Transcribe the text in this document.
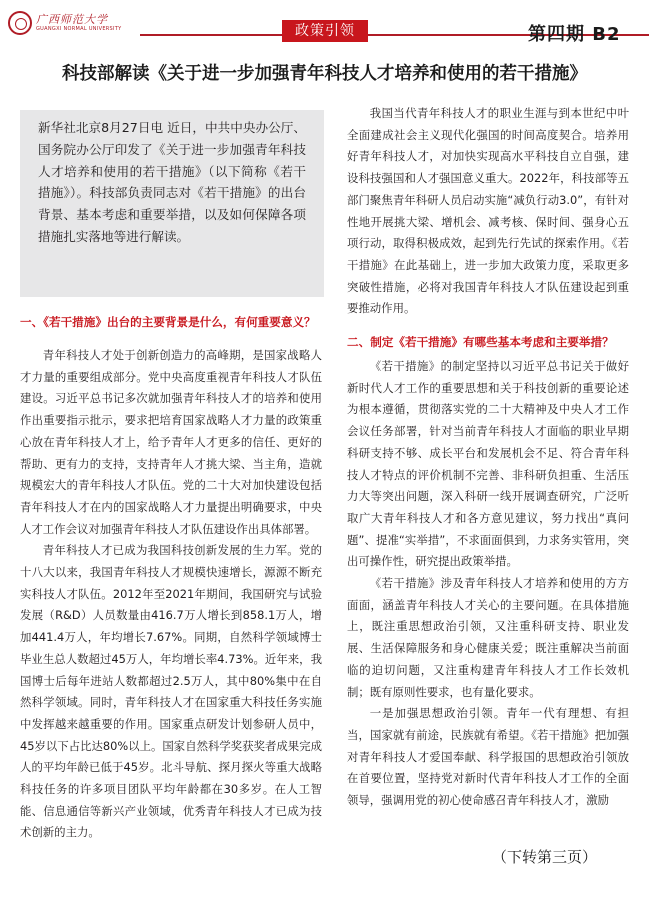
广西师范大学
GUANGXI NORMAL UNIVERSITY	政策引领	第四期 B2
科技部解读《关于进一步加强青年科技人才培养和使用的若干措施》
新华社北京8月27日电 近日，中共中央办公厅、国务院办公厅印发了《关于进一步加强青年科技人才培养和使用的若干措施》（以下简称《若干措施》）。科技部负责同志对《若干措施》的出台背景、基本考虑和重要举措，以及如何保障各项措施扎实落地等进行解读。
一、《若干措施》出台的主要背景是什么，有何重要意义？

青年科技人才处于创新创造力的高峰期，是国家战略人才力量的重要组成部分。党中央高度重视青年科技人才队伍建设。习近平总书记多次就加强青年科技人才的培养和使用作出重要指示批示，要求把培育国家战略人才力量的政策重心放在青年科技人才上，给予青年人才更多的信任、更好的帮助、更有力的支持，支持青年人才挑大梁、当主角，造就规模宏大的青年科技人才队伍。党的二十大对加快建设包括青年科技人才在内的国家战略人才力量提出明确要求，中央人才工作会议对加强青年科技人才队伍建设作出具体部署。

青年科技人才已成为我国科技创新发展的生力军。党的十八大以来，我国青年科技人才规模快速增长，源源不断充实科技人才队伍。2012年至2021年期间，我国研究与试验发展（R&D）人员数量由416.7万人增长到858.1万人，增加441.4万人，年均增长7.67%。同期，自然科学领域博士毕业生总人数超过45万人，年均增长率4.73%。近年来，我国博士后每年进站人数都超过2.5万人，其中80%集中在自然科学领域。同时，青年科技人才在国家重大科技任务实施中发挥越来越重要的作用。国家重点研发计划参研人员中，45岁以下占比达80%以上。国家自然科学奖获奖者成果完成人的平均年龄已低于45岁。北斗导航、探月探火等重大战略科技任务的许多项目团队平均年龄都在30多岁。在人工智能、信息通信等新兴产业领域，优秀青年科技人才已成为技术创新的主力。

我国当代青年科技人才的职业生涯与到本世纪中叶全面建成社会主义现代化强国的时间高度契合。培养用好青年科技人才，对加快实现高水平科技自立自强，建设科技强国和人才强国意义重大。2022年，科技部等五部门聚焦青年科研人员启动实施“减负行动3.0”，有针对性地开展挑大梁、增机会、减考核、保时间、强身心五项行动，取得积极成效，起到先行先试的探索作用。《若干措施》在此基础上，进一步加大政策力度，采取更多突破性措施，必将对我国青年科技人才队伍建设起到重要推动作用。

二、制定《若干措施》有哪些基本考虑和主要举措？

《若干措施》的制定坚持以习近平总书记关于做好新时代人才工作的重要思想和关于科技创新的重要论述为根本遵循，贯彻落实党的二十大精神及中央人才工作会议任务部署，针对当前青年科技人才面临的职业早期科研支持不够、成长平台和发展机会不足、符合青年科技人才特点的评价机制不完善、非科研负担重、生活压力大等突出问题，深入科研一线开展调查研究，广泛听取广大青年科技人才和各方意见建议，努力找出“真问题”、提准“实举措”，不求面面俱到，力求务实管用，突出可操作性，研究提出政策举措。

《若干措施》涉及青年科技人才培养和使用的方方面面，涵盖青年科技人才关心的主要问题。在具体措施上，既注重思想政治引领，又注重科研支持、职业发展、生活保障服务和身心健康关爱；既注重解决当前面临的迫切问题，又注重构建青年科技人才工作长效机制；既有原则性要求，也有量化要求。

一是加强思想政治引领。青年一代有理想、有担当，国家就有前途，民族就有希望。《若干措施》把加强对青年科技人才爱国奉献、科学报国的思想政治引领放在首要位置，坚持党对新时代青年科技人才工作的全面领导，强调用党的初心使命感召青年科技人才，激励

（下转第三页）
